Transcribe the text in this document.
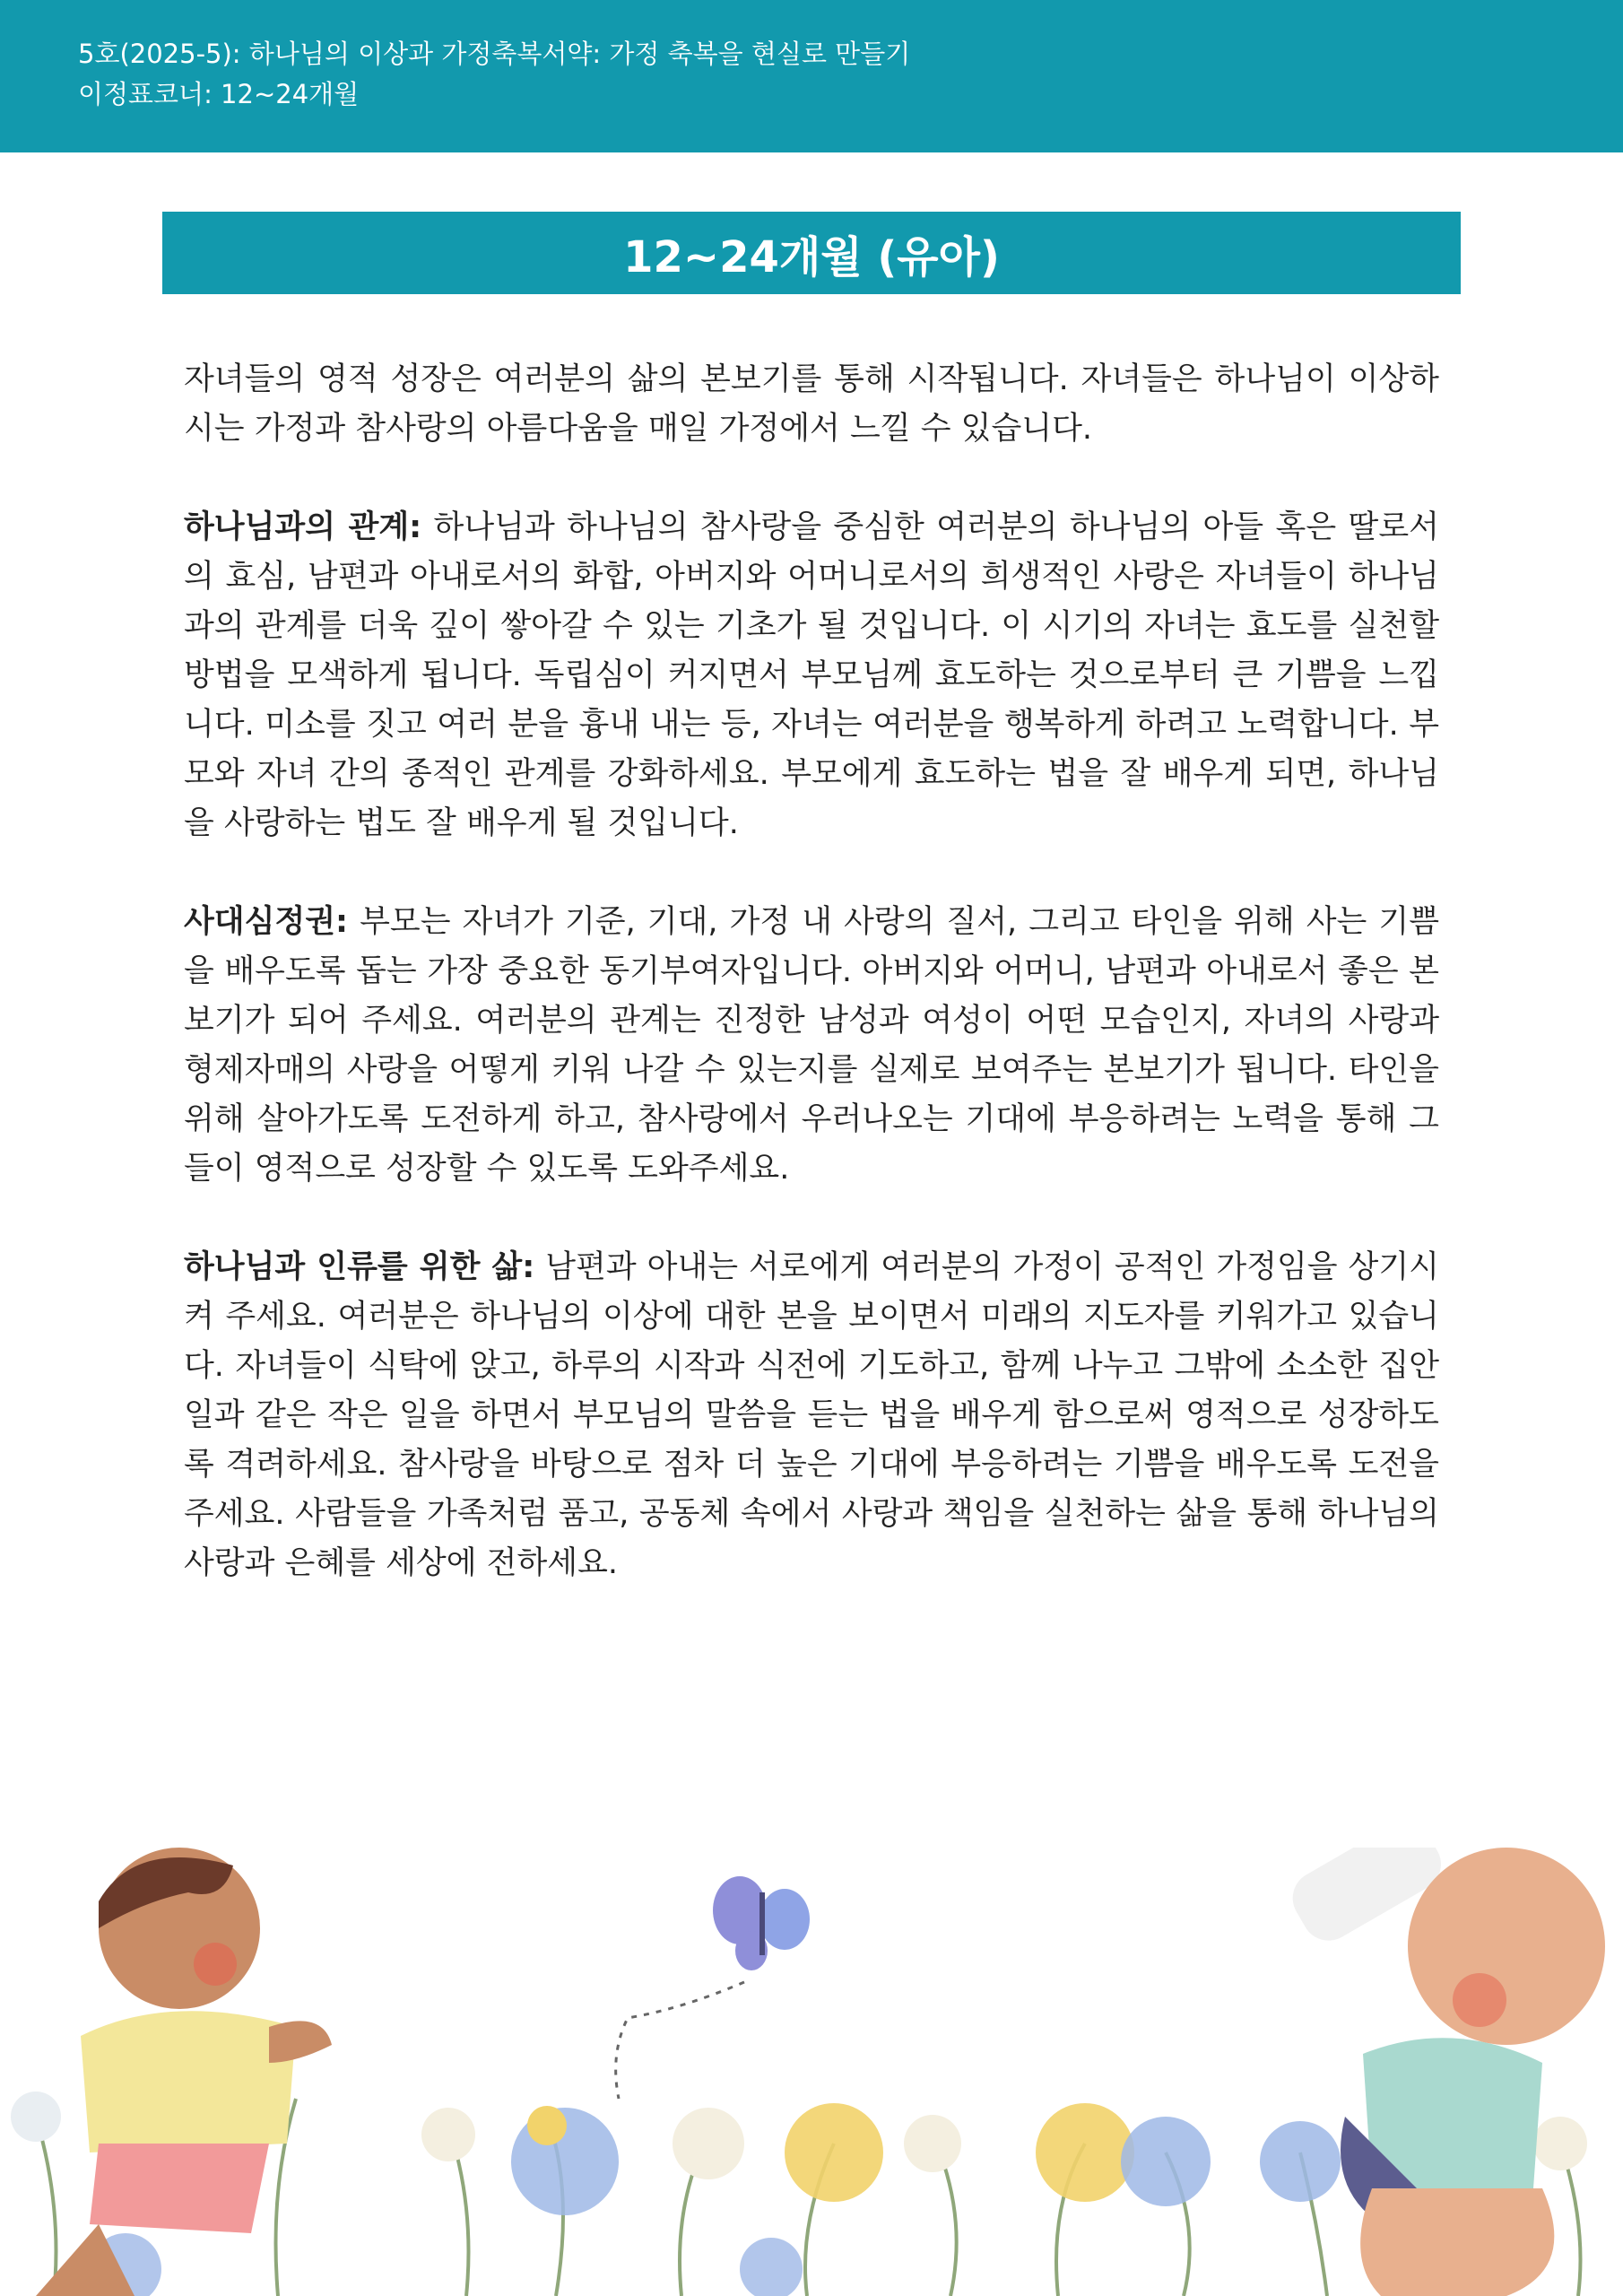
5호(2025-5): 하나님의 이상과 가정축복서약: 가정 축복을 현실로 만들기
이정표코너: 12~24개월
12~24개월 (유아)

자녀들의 영적 성장은 여러분의 삶의 본보기를 통해 시작됩니다. 자녀들은 하나님이 이상하시는 가정과 참사랑의 아름다움을 매일 가정에서 느낄 수 있습니다.

하나님과의 관계: 하나님과 하나님의 참사랑을 중심한 여러분의 하나님의 아들 혹은 딸로서의 효심, 남편과 아내로서의 화합, 아버지와 어머니로서의 희생적인 사랑은 자녀들이 하나님과의 관계를 더욱 깊이 쌓아갈 수 있는 기초가 될 것입니다. 이 시기의 자녀는 효도를 실천할 방법을 모색하게 됩니다. 독립심이 커지면서 부모님께 효도하는 것으로부터 큰 기쁨을 느낍니다. 미소를 짓고 여러 분을 흉내 내는 등, 자녀는 여러분을 행복하게 하려고 노력합니다. 부모와 자녀 간의 종적인 관계를 강화하세요. 부모에게 효도하는 법을 잘 배우게 되면, 하나님을 사랑하는 법도 잘 배우게 될 것입니다.

사대심정권: 부모는 자녀가 기준, 기대, 가정 내 사랑의 질서, 그리고 타인을 위해 사는 기쁨을 배우도록 돕는 가장 중요한 동기부여자입니다. 아버지와 어머니, 남편과 아내로서 좋은 본보기가 되어 주세요. 여러분의 관계는 진정한 남성과 여성이 어떤 모습인지, 자녀의 사랑과 형제자매의 사랑을 어떻게 키워 나갈 수 있는지를 실제로 보여주는 본보기가 됩니다. 타인을 위해 살아가도록 도전하게 하고, 참사랑에서 우러나오는 기대에 부응하려는 노력을 통해 그들이 영적으로 성장할 수 있도록 도와주세요.

하나님과 인류를 위한 삶: 남편과 아내는 서로에게 여러분의 가정이 공적인 가정임을 상기시켜 주세요. 여러분은 하나님의 이상에 대한 본을 보이면서 미래의 지도자를 키워가고 있습니다. 자녀들이 식탁에 앉고, 하루의 시작과 식전에 기도하고, 함께 나누고 그밖에 소소한 집안일과 같은 작은 일을 하면서 부모님의 말씀을 듣는 법을 배우게 함으로써 영적으로 성장하도록 격려하세요. 참사랑을 바탕으로 점차 더 높은 기대에 부응하려는 기쁨을 배우도록 도전을 주세요. 사람들을 가족처럼 품고, 공동체 속에서 사랑과 책임을 실천하는 삶을 통해 하나님의 사랑과 은혜를 세상에 전하세요.
